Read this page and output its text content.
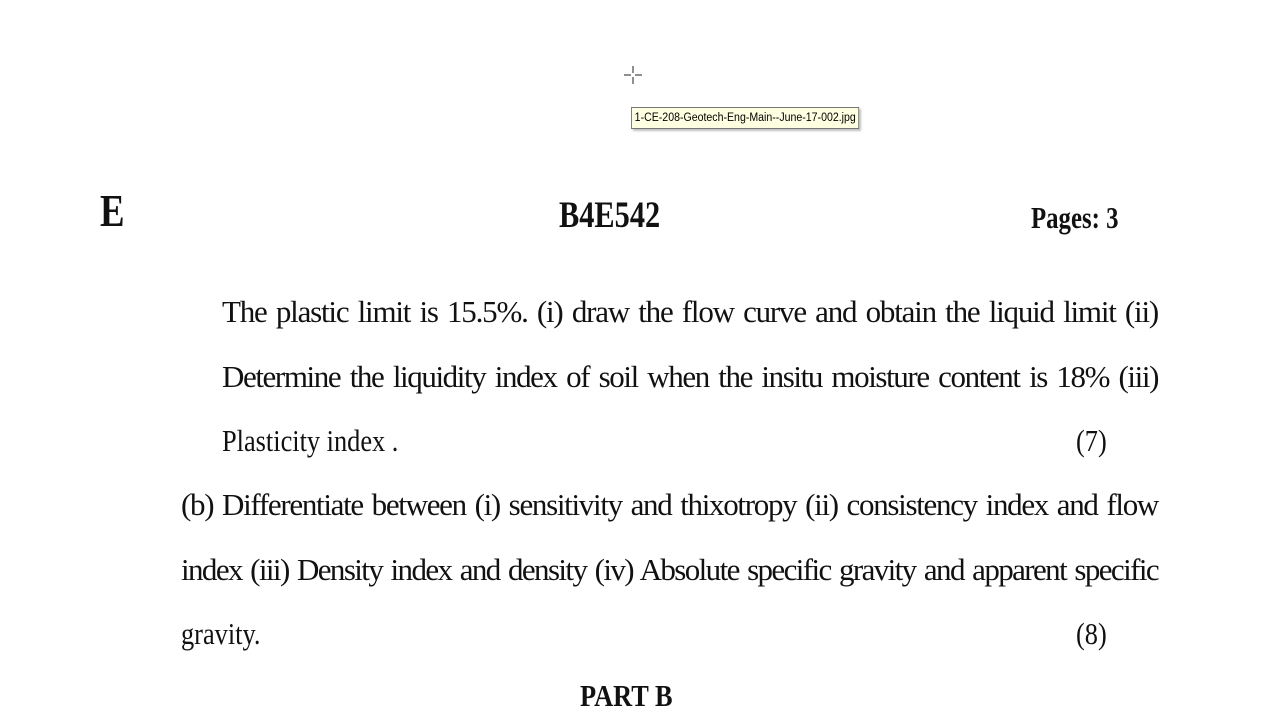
1-CE-208-Geotech-Eng-Main--June-17-002.jpg
E	B4E542	Pages: 3
The plastic limit is 15.5%. (i) draw the flow curve and obtain the liquid limit (ii)
Determine the liquidity index of soil when the insitu moisture content is 18% (iii)
Plasticity index .	(7)
(b) Differentiate between (i) sensitivity and thixotropy (ii) consistency index and flow
index (iii) Density index and density (iv) Absolute specific gravity and apparent specific
gravity.	(8)
PART B
